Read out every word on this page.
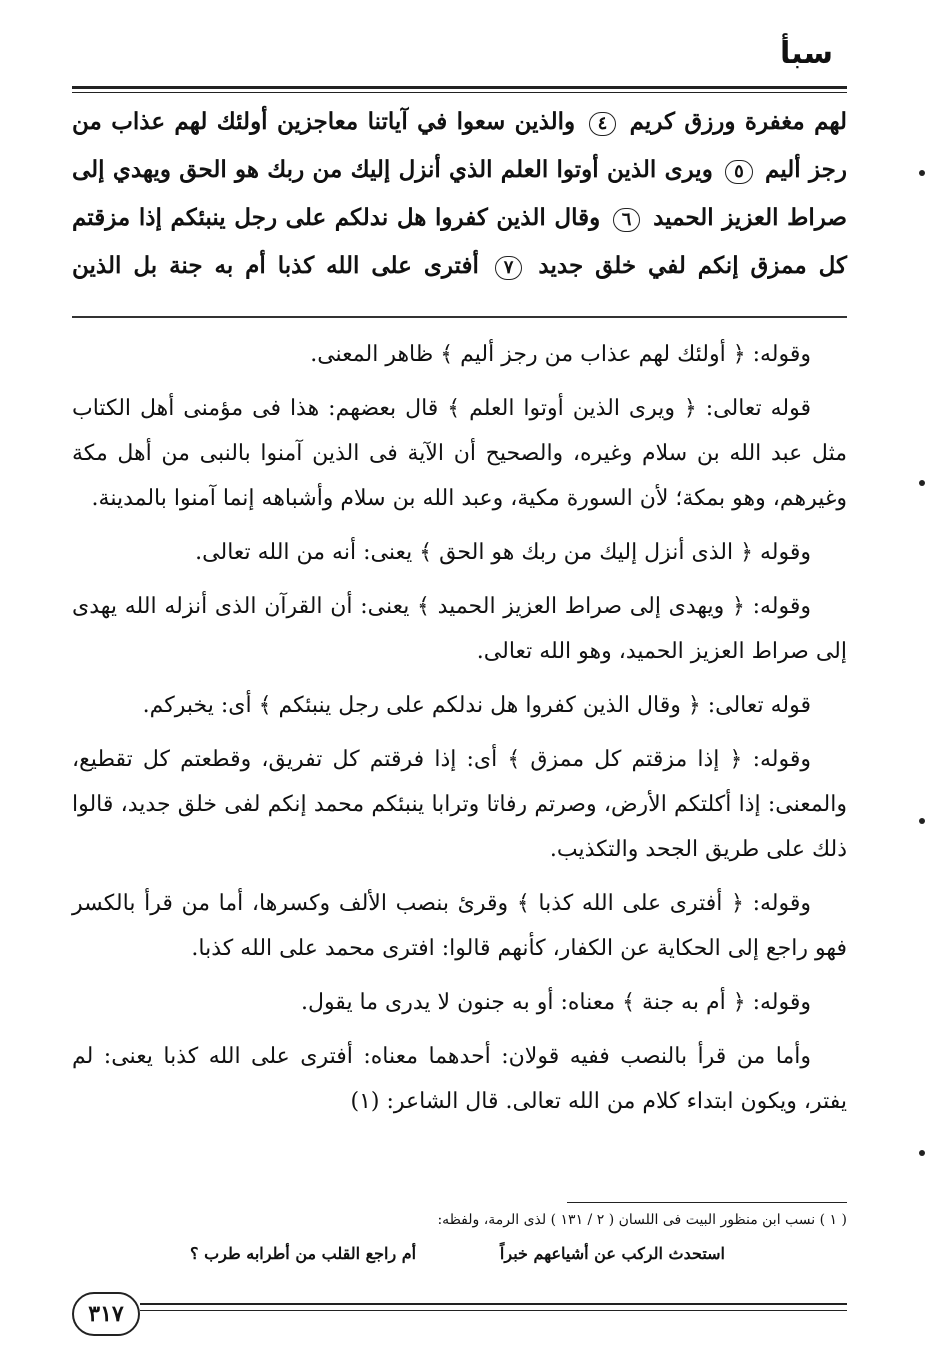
سبأ
لهم مغفرة ورزق كريم ٤ والذين سعوا في آياتنا معاجزين أولئك لهم عذاب من رجز أليم ٥ ويرى الذين أوتوا العلم الذي أنزل إليك من ربك هو الحق ويهدي إلى صراط العزيز الحميد ٦ وقال الذين كفروا هل ندلكم على رجل ينبئكم إذا مزقتم كل ممزق إنكم لفي خلق جديد ٧ أفترى على الله كذبا أم به جنة بل الذين

وقوله: ﴿ أولئك لهم عذاب من رجز أليم ﴾ ظاهر المعنى.

قوله تعالى: ﴿ ويرى الذين أوتوا العلم ﴾ قال بعضهم: هذا فى مؤمنى أهل الكتاب مثل عبد الله بن سلام وغيره، والصحيح أن الآية فى الذين آمنوا بالنبى من أهل مكة وغيرهم، وهو بمكة؛ لأن السورة مكية، وعبد الله بن سلام وأشباهه إنما آمنوا بالمدينة.

وقوله ﴿ الذى أنزل إليك من ربك هو الحق ﴾ يعنى: أنه من الله تعالى.

وقوله: ﴿ ويهدى إلى صراط العزيز الحميد ﴾ يعنى: أن القرآن الذى أنزله الله يهدى إلى صراط العزيز الحميد، وهو الله تعالى.

قوله تعالى: ﴿ وقال الذين كفروا هل ندلكم على رجل ينبئكم ﴾ أى: يخبركم.

وقوله: ﴿ إذا مزقتم كل ممزق ﴾ أى: إذا فرقتم كل تفريق، وقطعتم كل تقطيع، والمعنى: إذا أكلتكم الأرض، وصرتم رفاتا وترابا ينبئكم محمد إنكم لفى خلق جديد، قالوا ذلك على طريق الجحد والتكذيب.

وقوله: ﴿ أفترى على الله كذبا ﴾ وقرئ بنصب الألف وكسرها، أما من قرأ بالكسر فهو راجع إلى الحكاية عن الكفار، كأنهم قالوا: افترى محمد على الله كذبا.

وقوله: ﴿ أم به جنة ﴾ معناه: أو به جنون لا يدرى ما يقول.

وأما من قرأ بالنصب ففيه قولان: أحدهما معناه: أفترى على الله كذبا يعنى: لم يفتر، ويكون ابتداء كلام من الله تعالى. قال الشاعر: (١)

( ١ ) نسب ابن منظور البيت فى اللسان ( ٢ / ١٣١ ) لذى الرمة، ولفظه:
استحدث الركب عن أشياعهم خبراً
أم راجع القلب من أطرابه طرب ؟
٣١٧
